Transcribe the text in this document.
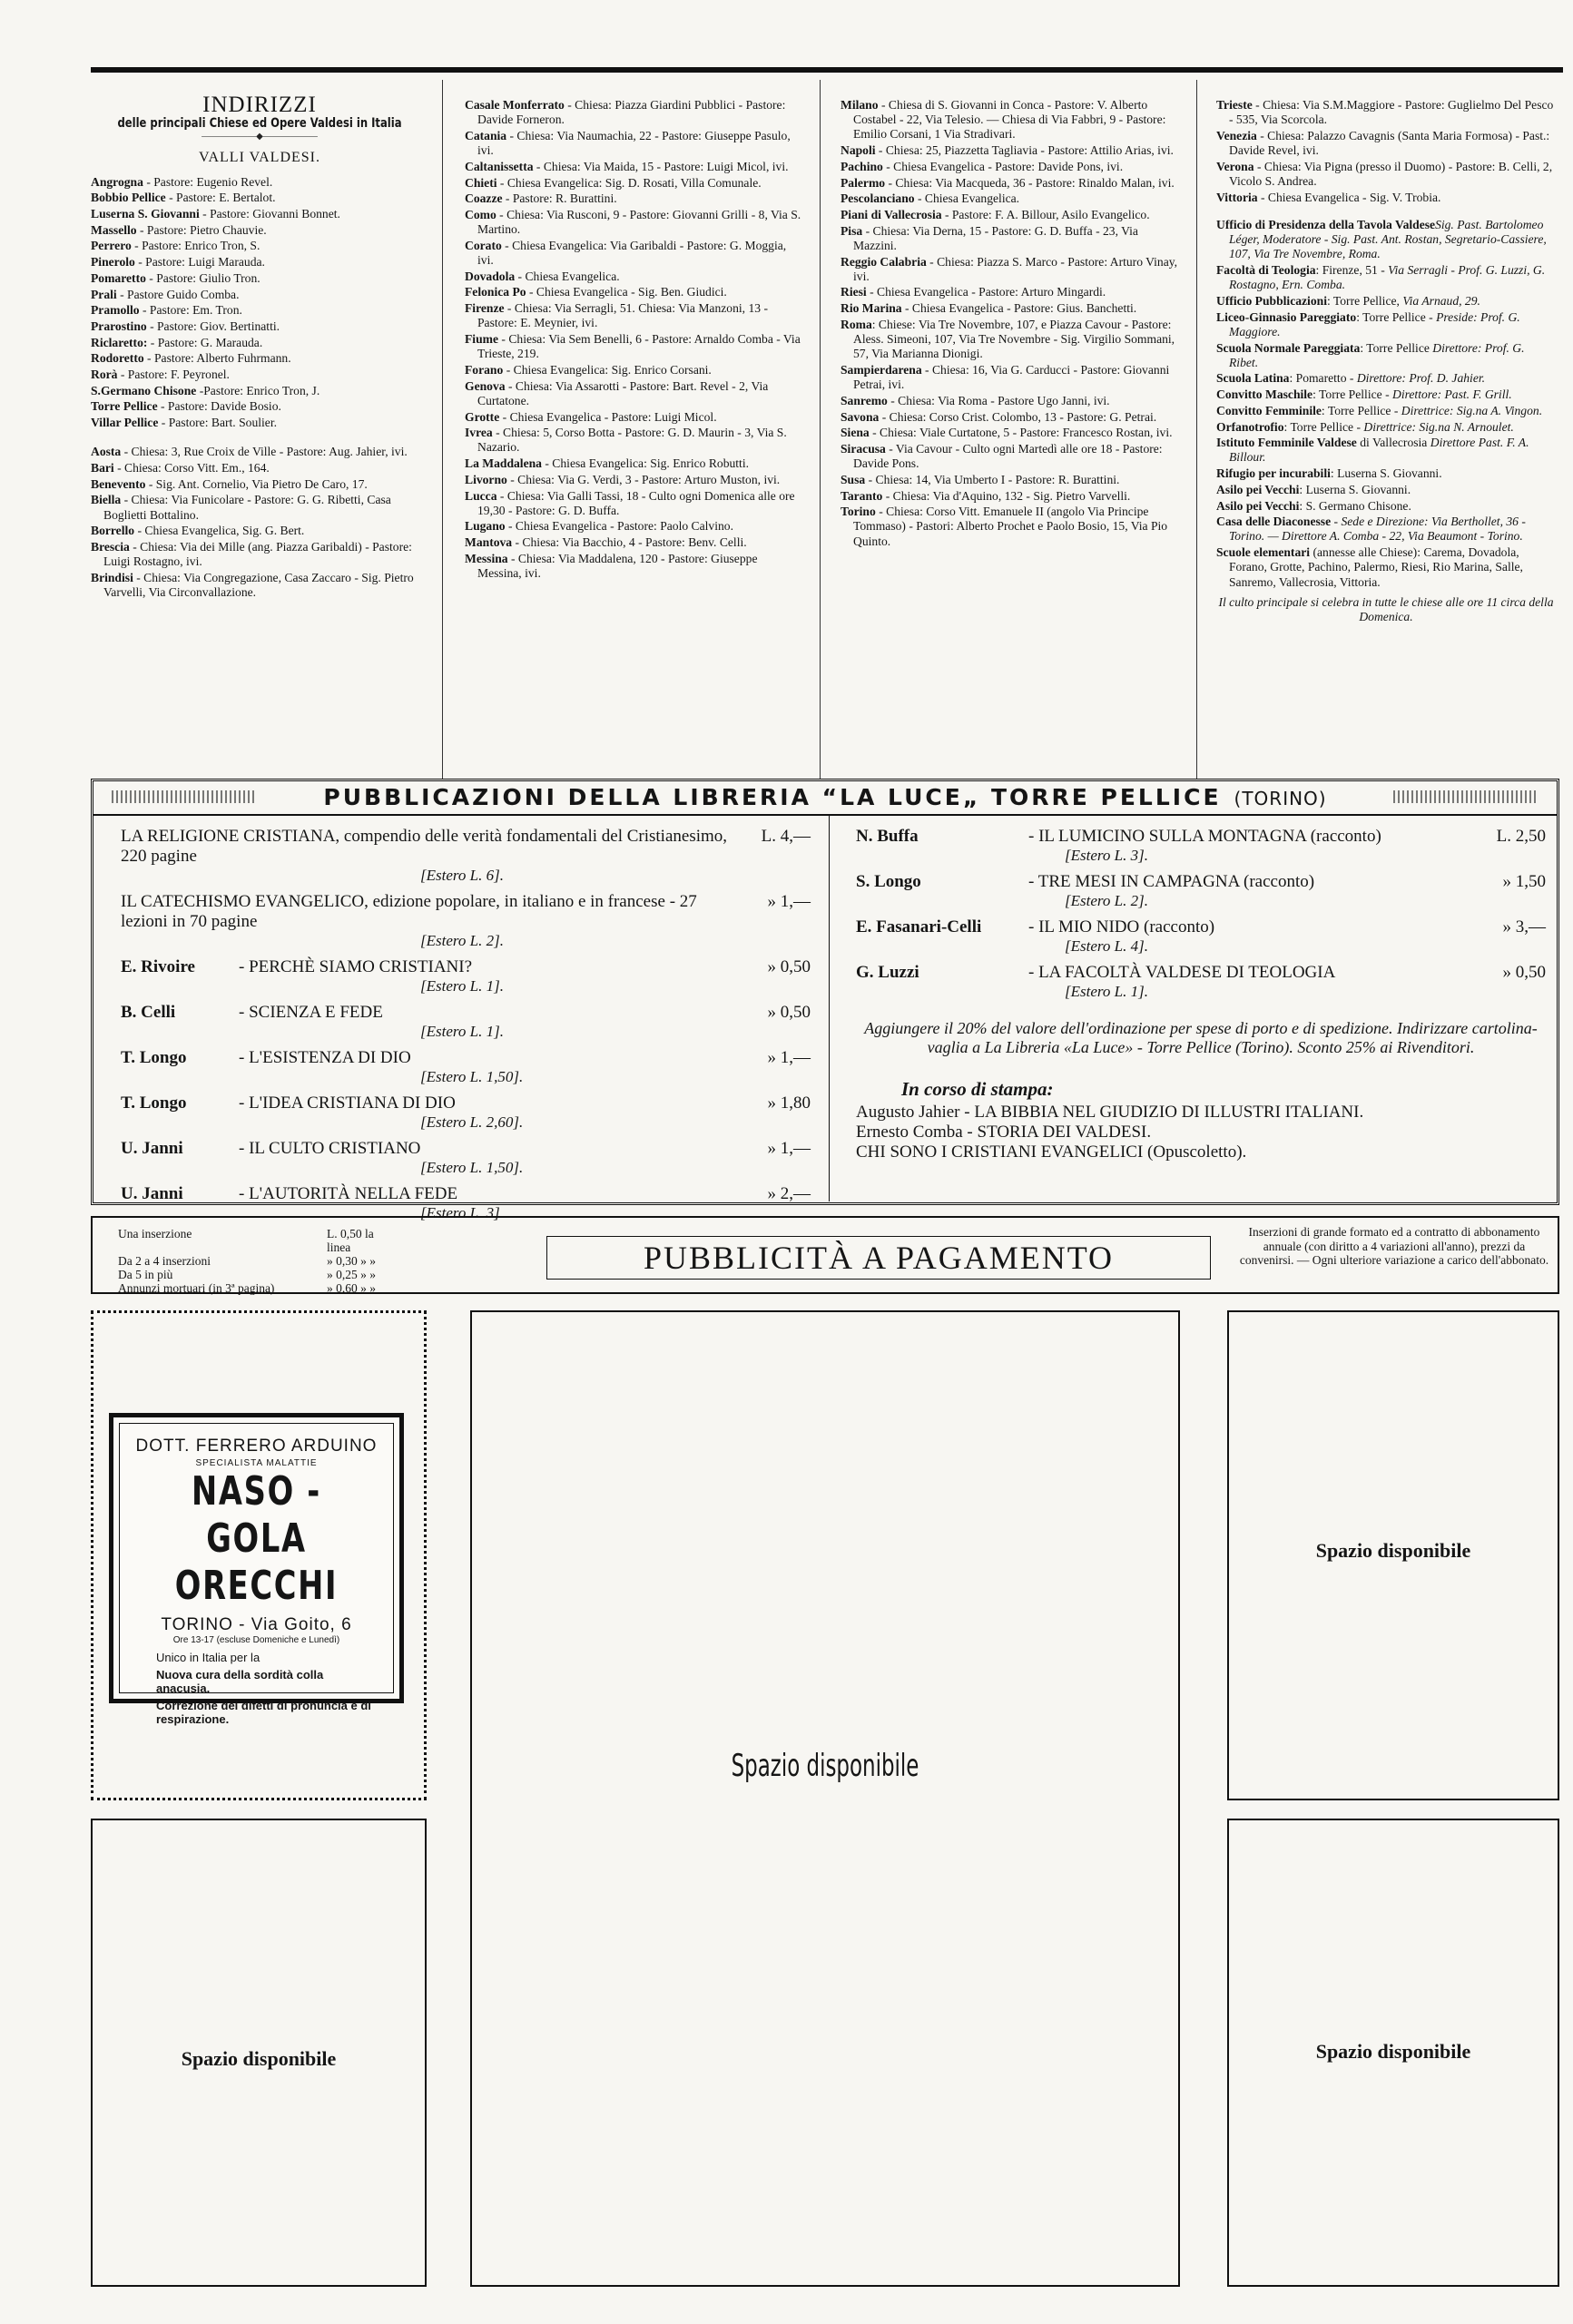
INDIRIZZI
delle principali Chiese ed Opere Valdesi in Italia
——————◆——————
VALLI VALDESI.
Angrogna - Pastore: Eugenio Revel.
Bobbio Pellice - Pastore: E. Bertalot.
Luserna S. Giovanni - Pastore: Giovanni Bonnet.
Massello - Pastore: Pietro Chauvie.
Perrero - Pastore: Enrico Tron, S.
Pinerolo - Pastore: Luigi Marauda.
Pomaretto - Pastore: Giulio Tron.
Prali - Pastore Guido Comba.
Pramollo - Pastore: Em. Tron.
Prarostino - Pastore: Giov. Bertinatti.
Riclaretto: - Pastore: G. Marauda.
Rodoretto - Pastore: Alberto Fuhrmann.
Rorà - Pastore: F. Peyronel.
S.Germano Chisone -Pastore: Enrico Tron, J.
Torre Pellice - Pastore: Davide Bosio.
Villar Pellice - Pastore: Bart. Soulier.
Aosta - Chiesa: 3, Rue Croix de Ville - Pastore: Aug. Jahier, ivi.
Bari - Chiesa: Corso Vitt. Em., 164.
Benevento - Sig. Ant. Cornelio, Via Pietro De Caro, 17.
Biella - Chiesa: Via Funicolare - Pastore: G. G. Ribetti, Casa Boglietti Bottalino.
Borrello - Chiesa Evangelica, Sig. G. Bert.
Brescia - Chiesa: Via dei Mille (ang. Piazza Garibaldi) - Pastore: Luigi Rostagno, ivi.
Brindisi - Chiesa: Via Congregazione, Casa Zaccaro - Sig. Pietro Varvelli, Via Circonvallazione.
Casale Monferrato - Chiesa: Piazza Giardini Pubblici - Pastore: Davide Forneron.
Catania - Chiesa: Via Naumachia, 22 - Pastore: Giuseppe Pasulo, ivi.
Caltanissetta - Chiesa: Via Maida, 15 - Pastore: Luigi Micol, ivi.
Chieti - Chiesa Evangelica: Sig. D. Rosati, Villa Comunale.
Coazze - Pastore: R. Burattini.
Como - Chiesa: Via Rusconi, 9 - Pastore: Giovanni Grilli - 8, Via S. Martino.
Corato - Chiesa Evangelica: Via Garibaldi - Pastore: G. Moggia, ivi.
Dovadola - Chiesa Evangelica.
Felonica Po - Chiesa Evangelica - Sig. Ben. Giudici.
Firenze - Chiesa: Via Serragli, 51. Chiesa: Via Manzoni, 13 - Pastore: E. Meynier, ivi.
Fiume - Chiesa: Via Sem Benelli, 6 - Pastore: Arnaldo Comba - Via Trieste, 219.
Forano - Chiesa Evangelica: Sig. Enrico Corsani.
Genova - Chiesa: Via Assarotti - Pastore: Bart. Revel - 2, Via Curtatone.
Grotte - Chiesa Evangelica - Pastore: Luigi Micol.
Ivrea - Chiesa: 5, Corso Botta - Pastore: G. D. Maurin - 3, Via S. Nazario.
La Maddalena - Chiesa Evangelica: Sig. Enrico Robutti.
Livorno - Chiesa: Via G. Verdi, 3 - Pastore: Arturo Muston, ivi.
Lucca - Chiesa: Via Galli Tassi, 18 - Culto ogni Domenica alle ore 19,30 - Pastore: G. D. Buffa.
Lugano - Chiesa Evangelica - Pastore: Paolo Calvino.
Mantova - Chiesa: Via Bacchio, 4 - Pastore: Benv. Celli.
Messina - Chiesa: Via Maddalena, 120 - Pastore: Giuseppe Messina, ivi.
Milano - Chiesa di S. Giovanni in Conca - Pastore: V. Alberto Costabel - 22, Via Telesio. — Chiesa di Via Fabbri, 9 - Pastore: Emilio Corsani, 1 Via Stradivari.
Napoli - Chiesa: 25, Piazzetta Tagliavia - Pastore: Attilio Arias, ivi.
Pachino - Chiesa Evangelica - Pastore: Davide Pons, ivi.
Palermo - Chiesa: Via Macqueda, 36 - Pastore: Rinaldo Malan, ivi.
Pescolanciano - Chiesa Evangelica.
Piani di Vallecrosia - Pastore: F. A. Billour, Asilo Evangelico.
Pisa - Chiesa: Via Derna, 15 - Pastore: G. D. Buffa - 23, Via Mazzini.
Reggio Calabria - Chiesa: Piazza S. Marco - Pastore: Arturo Vinay, ivi.
Riesi - Chiesa Evangelica - Pastore: Arturo Mingardi.
Rio Marina - Chiesa Evangelica - Pastore: Gius. Banchetti.
Roma: Chiese: Via Tre Novembre, 107, e Piazza Cavour - Pastore: Aless. Simeoni, 107, Via Tre Novembre - Sig. Virgilio Sommani, 57, Via Marianna Dionigi.
Sampierdarena - Chiesa: 16, Via G. Carducci - Pastore: Giovanni Petrai, ivi.
Sanremo - Chiesa: Via Roma - Pastore Ugo Janni, ivi.
Savona - Chiesa: Corso Crist. Colombo, 13 - Pastore: G. Petrai.
Siena - Chiesa: Viale Curtatone, 5 - Pastore: Francesco Rostan, ivi.
Siracusa - Via Cavour - Culto ogni Martedì alle ore 18 - Pastore: Davide Pons.
Susa - Chiesa: 14, Via Umberto I - Pastore: R. Burattini.
Taranto - Chiesa: Via d'Aquino, 132 - Sig. Pietro Varvelli.
Torino - Chiesa: Corso Vitt. Emanuele II (angolo Via Principe Tommaso) - Pastori: Alberto Prochet e Paolo Bosio, 15, Via Pio Quinto.
Trieste - Chiesa: Via S.M.Maggiore - Pastore: Guglielmo Del Pesco - 535, Via Scorcola.
Venezia - Chiesa: Palazzo Cavagnis (Santa Maria Formosa) - Past.: Davide Revel, ivi.
Verona - Chiesa: Via Pigna (presso il Duomo) - Pastore: B. Celli, 2, Vicolo S. Andrea.
Vittoria - Chiesa Evangelica - Sig. V. Trobia.
Ufficio di Presidenza della Tavola ValdeseSig. Past. Bartolomeo Léger, Moderatore - Sig. Past. Ant. Rostan, Segretario-Cassiere, 107, Via Tre Novembre, Roma.
Facoltà di Teologia: Firenze, 51 - Via Serragli - Prof. G. Luzzi, G. Rostagno, Ern. Comba.
Ufficio Pubblicazioni: Torre Pellice, Via Arnaud, 29.
Liceo-Ginnasio Pareggiato: Torre Pellice - Preside: Prof. G. Maggiore.
Scuola Normale Pareggiata: Torre Pellice Direttore: Prof. G. Ribet.
Scuola Latina: Pomaretto - Direttore: Prof. D. Jahier.
Convitto Maschile: Torre Pellice - Direttore: Past. F. Grill.
Convitto Femminile: Torre Pellice - Direttrice: Sig.na A. Vingon.
Orfanotrofio: Torre Pellice - Direttrice: Sig.na N. Arnoulet.
Istituto Femminile Valdese di Vallecrosia Direttore Past. F. A. Billour.
Rifugio per incurabili: Luserna S. Giovanni.
Asilo pei Vecchi: Luserna S. Giovanni.
Asilo pei Vecchi: S. Germano Chisone.
Casa delle Diaconesse - Sede e Direzione: Via Berthollet, 36 - Torino. — Direttore A. Comba - 22, Via Beaumont - Torino.
Scuole elementari (annesse alle Chiese): Carema, Dovadola, Forano, Grotte, Pachino, Palermo, Riesi, Rio Marina, Salle, Sanremo, Vallecrosia, Vittoria.
Il culto principale si celebra in tutte le chiese alle ore 11 circa della Domenica.
PUBBLICAZIONI DELLA LIBRERIA “LA LUCE„ TORRE PELLICE (TORINO)
LA RELIGIONE CRISTIANA, compendio delle verità fondamentali del Cristianesimo, 220 pagine
L. 4,—
[Estero L. 6].
IL CATECHISMO EVANGELICO, edizione popolare, in italiano e in francese - 27 lezioni in 70 pagine
» 1,—
[Estero L. 2].
E. Rivoire	- PERCHÈ SIAMO CRISTIANI?	» 0,50
[Estero L. 1].
B. Celli	- SCIENZA E FEDE	» 0,50
[Estero L. 1].
T. Longo	- L'ESISTENZA DI DIO	» 1,—
[Estero L. 1,50].
T. Longo	- L'IDEA CRISTIANA DI DIO	» 1,80
[Estero L. 2,60].
U. Janni	- IL CULTO CRISTIANO	» 1,—
[Estero L. 1,50].
U. Janni	- L'AUTORITÀ NELLA FEDE	» 2,—
[Estero L. 3].
N. Buffa	- IL LUMICINO SULLA MONTAGNA (racconto)	L. 2,50
[Estero L. 3].
S. Longo	- TRE MESI IN CAMPAGNA (racconto)	» 1,50
[Estero L. 2].
E. Fasanari-Celli	- IL MIO NIDO (racconto)	» 3,—
[Estero L. 4].
G. Luzzi	- LA FACOLTÀ VALDESE DI TEOLOGIA	» 0,50
[Estero L. 1].
Aggiungere il 20% del valore dell'ordinazione per spese di porto e di spedizione. Indirizzare cartolina-vaglia a La Libreria «La Luce» - Torre Pellice (Torino). Sconto 25% ai Rivenditori.
In corso di stampa:
Augusto Jahier - LA BIBBIA NEL GIUDIZIO DI ILLUSTRI ITALIANI.
Ernesto Comba - STORIA DEI VALDESI.
CHI SONO I CRISTIANI EVANGELICI (Opuscoletto).
Una inserzione	L. 0,50 la linea
Da 2 a 4 inserzioni	» 0,30 » »
Da 5 in più	» 0,25 » »
Annunzi mortuari (in 3ª pagina)	» 0,60 » »
PUBBLICITÀ A PAGAMENTO
Inserzioni di grande formato ed a contratto di abbonamento annuale (con diritto a 4 variazioni all'anno), prezzi da convenirsi. — Ogni ulteriore variazione a carico dell'abbonato.
DOTT. FERRERO ARDUINO
SPECIALISTA MALATTIE
NASO - GOLA
ORECCHI
TORINO - Via Goito, 6
Ore 13-17 (escluse Domeniche e Lunedì)
Unico in Italia per la
Nuova cura della sordità colla anacusia.
Correzione dei difetti di pronuncia e di respirazione.
Spazio disponibile
Spazio disponibile
Spazio disponibile	Spazio disponibile
